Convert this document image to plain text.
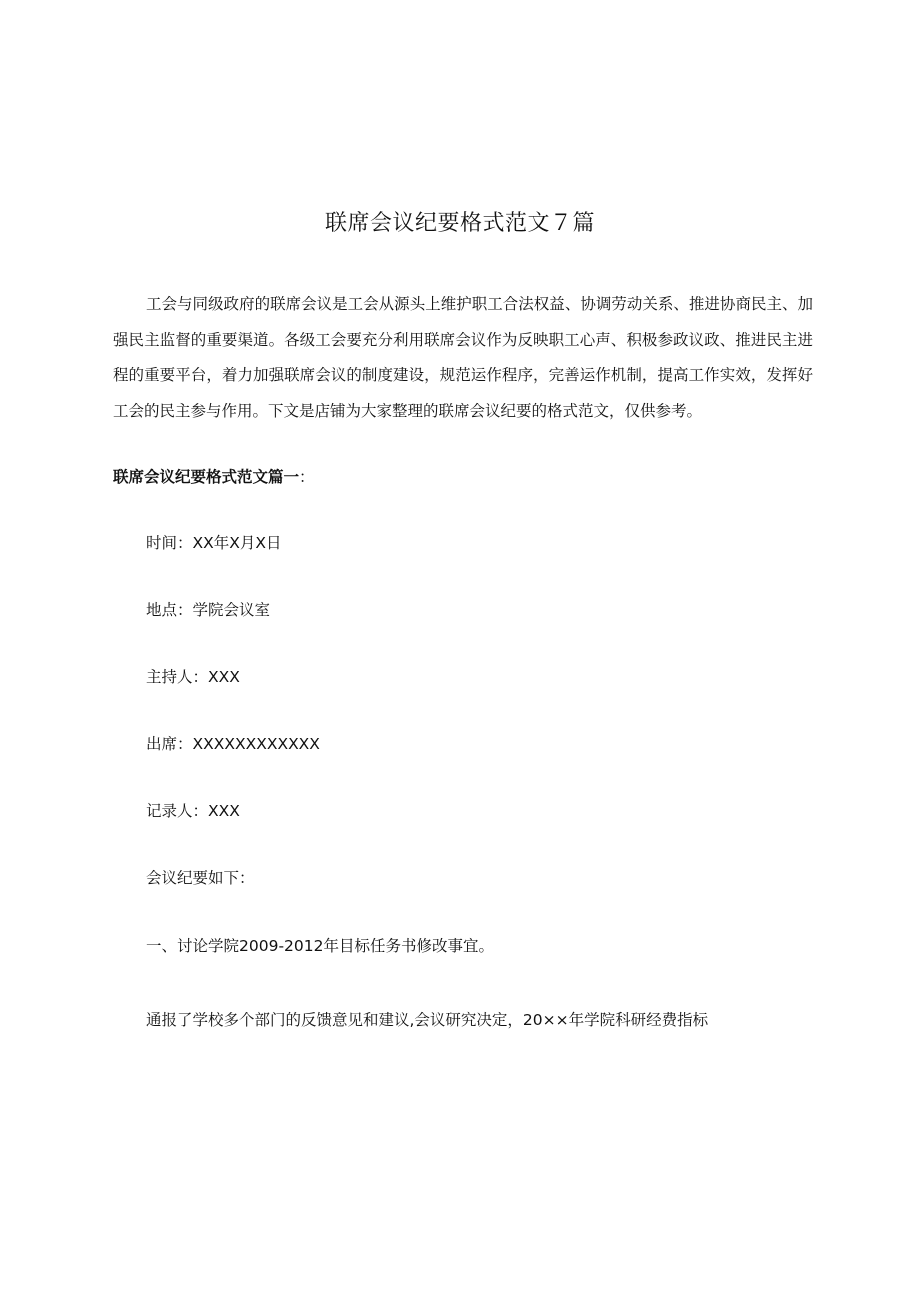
联席会议纪要格式范文７篇

工会与同级政府的联席会议是工会从源头上维护职工合法权益、协调劳动关系、推进协商民主、加强民主监督的重要渠道。各级工会要充分利用联席会议作为反映职工心声、积极参政议政、推进民主进程的重要平台，着力加强联席会议的制度建设，规范运作程序，完善运作机制，提高工作实效，发挥好工会的民主参与作用。下文是店铺为大家整理的联席会议纪要的格式范文，仅供参考。

联席会议纪要格式范文篇一：

时间：XX年X月X日

地点：学院会议室

主持人：XXX

出席：XXXXXXXXXXXX

记录人：XXX

会议纪要如下：

一、讨论学院2009-2012年目标任务书修改事宜。

通报了学校多个部门的反馈意见和建议,会议研究决定，20××年学院科研经费指标
